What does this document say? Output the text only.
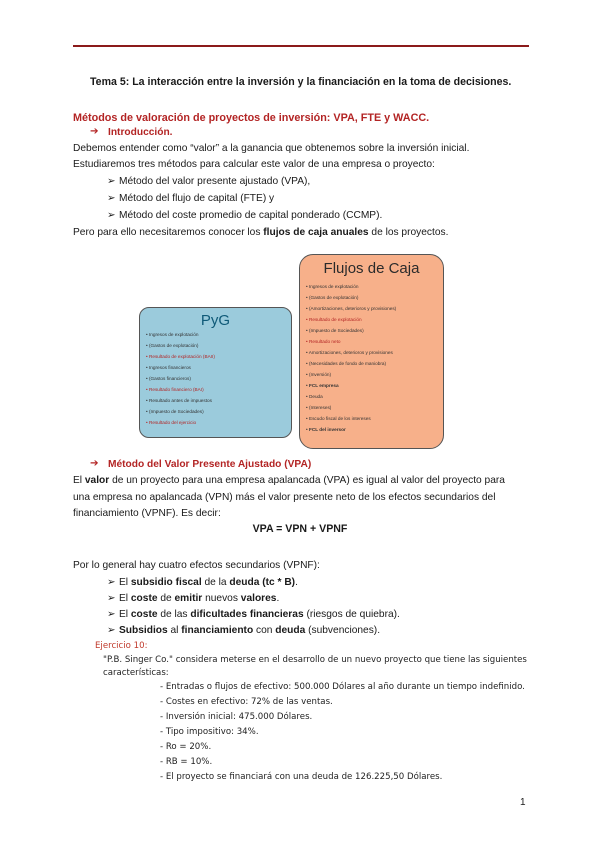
Tema 5: La interacción entre la inversión y la financiación en la toma de decisiones.
Métodos de valoración de proyectos de inversión: VPA, FTE y WACC.
➔ Introducción.
Debemos entender como “valor” a la ganancia que obtenemos sobre la inversión inicial.
Estudiaremos tres métodos para calcular este valor de una empresa o proyecto:
➢ Método del valor presente ajustado (VPA),
➢ Método del flujo de capital (FTE) y
➢ Método del coste promedio de capital ponderado (CCMP).
Pero para ello necesitaremos conocer los flujos de caja anuales de los proyectos.
PyG
• Ingresos de explotación
• (Gastos de explotación)
• Resultado de explotación (BAII)
• Ingresos financieros
• (Gastos financieros)
• Resultado financiero (BAI)
• Resultado antes de impuestos
• (Impuesto de Sociedades)
• Resultado del ejercicio
Flujos de Caja
• Ingresos de explotación
• (Gastos de explotación)
• (Amortizaciones, deterioros y provisiones)
• Resultado de explotación
• (Impuesto de Sociedades)
• Resultado neto
• Amortizaciones, deterioros y provisiones
• (Necesidades de fondo de maniobra)
• (Inversión)
• FCL empresa
• Deuda
• (Intereses)
• Escudo fiscal de los intereses
• FCL del inversor
➔ Método del Valor Presente Ajustado (VPA)
El valor de un proyecto para una empresa apalancada (VPA) es igual al valor del proyecto para
una empresa no apalancada (VPN) más el valor presente neto de los efectos secundarios del
financiamiento (VPNF). Es decir:
VPA = VPN + VPNF
Por lo general hay cuatro efectos secundarios (VPNF):
➢ El subsidio fiscal de la deuda (tc * B).
➢ El coste de emitir nuevos valores.
➢ El coste de las dificultades financieras (riesgos de quiebra).
➢ Subsidios al financiamiento con deuda (subvenciones).
Ejercicio 10:
"P.B. Singer Co." considera meterse en el desarrollo de un nuevo proyecto que tiene las siguientes
características:
- Entradas o flujos de efectivo: 500.000 Dólares al año durante un tiempo indefinido.
- Costes en efectivo: 72% de las ventas.
- Inversión inicial: 475.000 Dólares.
- Tipo impositivo: 34%.
- Ro = 20%.
- RB = 10%.
- El proyecto se financiará con una deuda de 126.225,50 Dólares.
1
